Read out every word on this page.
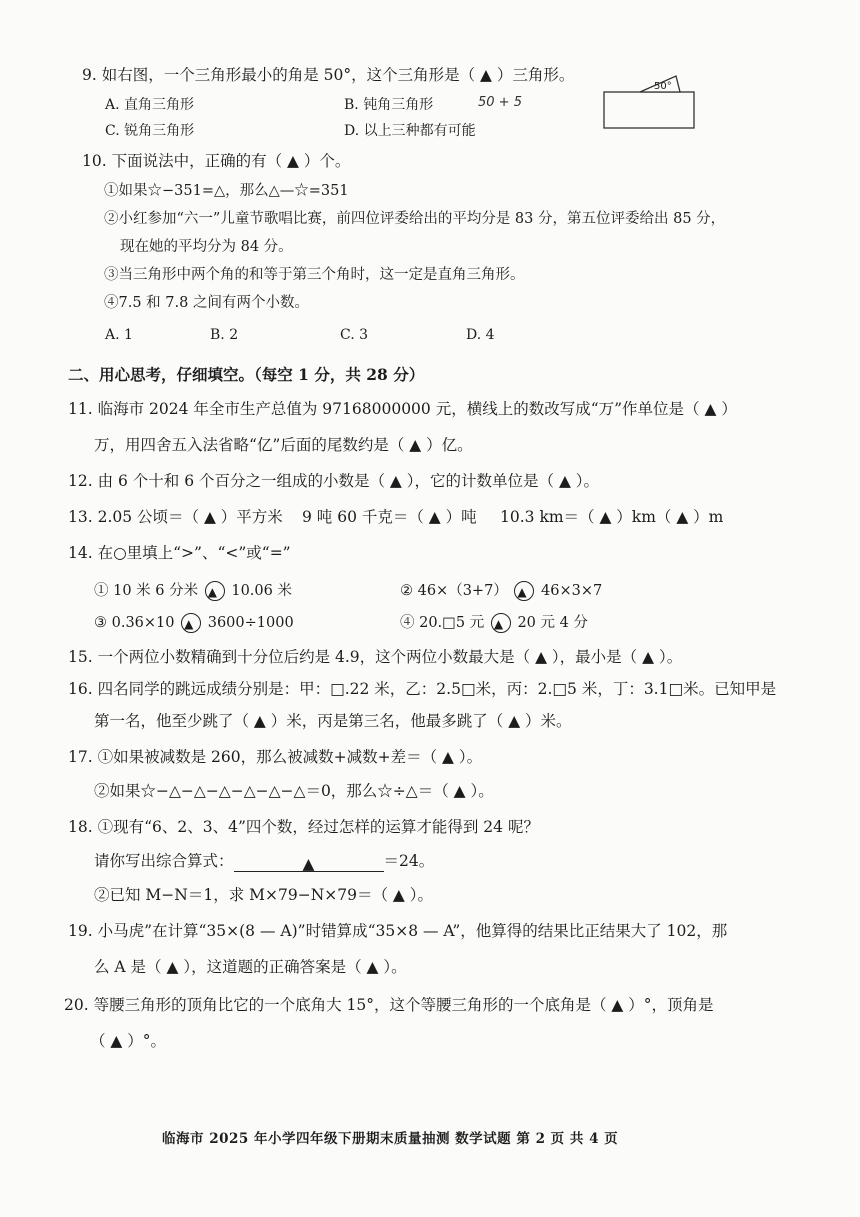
9. 如右图，一个三角形最小的角是 50°，这个三角形是（ ▲ ）三角形。
A. 直角三角形	B. 钝角三角形	50 + 5
C. 锐角三角形	D. 以上三种都有可能
50°
10. 下面说法中，正确的有（ ▲ ）个。
①如果☆−351=△，那么△—☆=351
②小红参加“六一”儿童节歌唱比赛，前四位评委给出的平均分是 83 分，第五位评委给出 85 分，
现在她的平均分为 84 分。
③当三角形中两个角的和等于第三个角时，这一定是直角三角形。
④7.5 和 7.8 之间有两个小数。
A. 1	B. 2	C. 3	D. 4
二、用心思考，仔细填空。（每空 1 分，共 28 分）
11. 临海市 2024 年全市生产总值为 97168000000 元，横线上的数改写成“万”作单位是（ ▲ ）
万，用四舍五入法省略“亿”后面的尾数约是（ ▲ ）亿。
12. 由 6 个十和 6 个百分之一组成的小数是（ ▲ ），它的计数单位是（ ▲ ）。
13. 2.05 公顷＝（ ▲ ）平方米 9 吨 60 千克＝（ ▲ ）吨 10.3 km＝（ ▲ ）km（ ▲ ）m
14. 在○里填上“>”、“<”或“=”
① 10 米 6 分米 ▲ 10.06 米	② 46×（3+7） ▲ 46×3×7
③ 0.36×10 ▲ 3600÷1000	④ 20.□5 元 ▲ 20 元 4 分
15. 一个两位小数精确到十分位后约是 4.9，这个两位小数最大是（ ▲ ），最小是（ ▲ ）。
16. 四名同学的跳远成绩分别是：甲：□.22 米，乙：2.5□米，丙：2.□5 米，丁：3.1□米。已知甲是
第一名，他至少跳了（ ▲ ）米，丙是第三名，他最多跳了（ ▲ ）米。
17. ①如果被减数是 260，那么被减数+减数+差＝（ ▲ ）。
②如果☆−△−△−△−△−△−△＝0，那么☆÷△＝（ ▲ ）。
18. ①现有“6、2、3、4”四个数，经过怎样的运算才能得到 24 呢？
请你写出综合算式：	▲	＝24。
②已知 M−N＝1，求 M×79−N×79＝（ ▲ ）。
19. 小马虎”在计算“35×(8 — A)”时错算成“35×8 — A”，他算得的结果比正结果大了 102，那
么 A 是（ ▲ ），这道题的正确答案是（ ▲ ）。
20. 等腰三角形的顶角比它的一个底角大 15°，这个等腰三角形的一个底角是（ ▲ ）°，顶角是
（ ▲ ）°。
临海市 2025 年小学四年级下册期末质量抽测 数学试题 第 2 页 共 4 页
